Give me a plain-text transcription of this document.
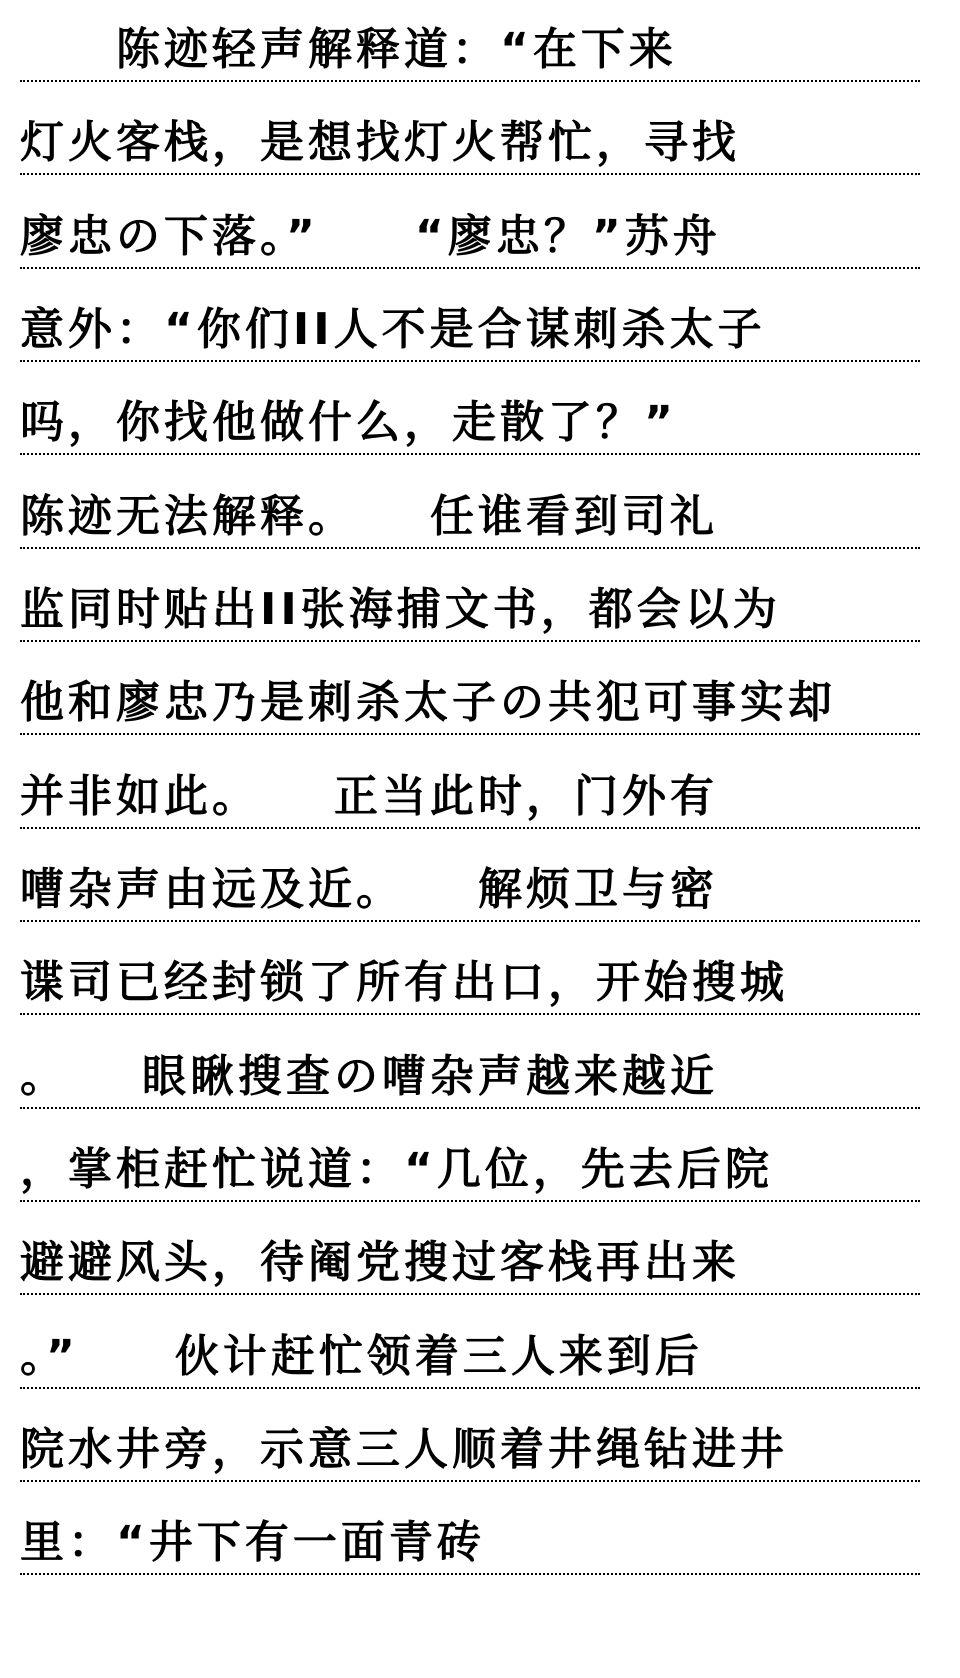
　　陈迹轻声解释道：“在下来
灯火客栈，是想找灯火帮忙，寻找
廖忠の下落。”　　“廖忠？”苏舟
意外：“你们II人不是合谋刺杀太子
吗，你找他做什么，走散了？”
陈迹无法解释。　　任谁看到司礼
监同时贴出II张海捕文书，都会以为
他和廖忠乃是刺杀太子の共犯可事实却
并非如此。　　正当此时，门外有
嘈杂声由远及近。　　解烦卫与密
谍司已经封锁了所有出口，开始搜城
。　　眼瞅搜查の嘈杂声越来越近
，掌柜赶忙说道：“几位，先去后院
避避风头，待阉党搜过客栈再出来
。”　　伙计赶忙领着三人来到后
院水井旁，示意三人顺着井绳钻进井
里：“井下有一面青砖
